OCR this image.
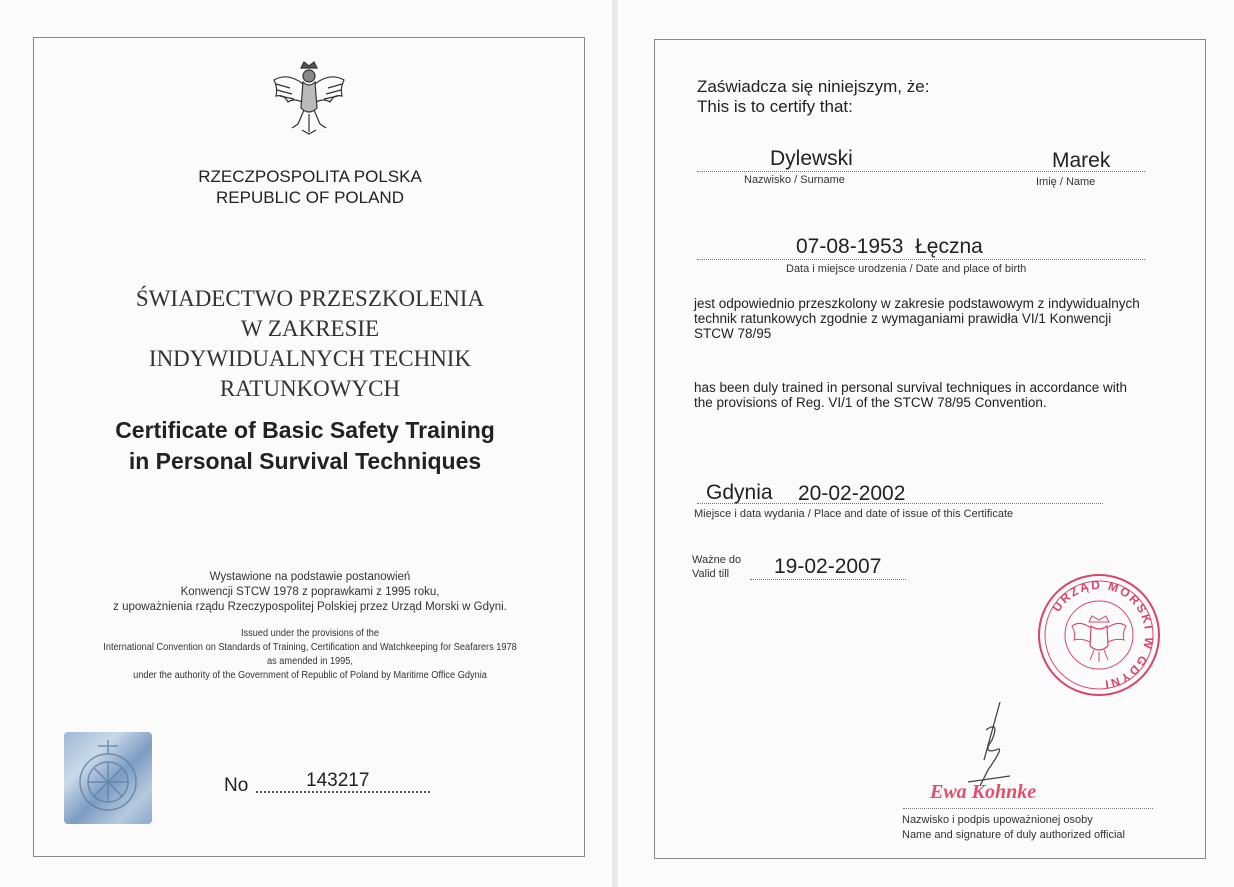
RZECZPOSPOLITA POLSKA
REPUBLIC OF POLAND
ŚWIADECTWO PRZESZKOLENIA
W ZAKRESIE
INDYWIDUALNYCH TECHNIK
RATUNKOWYCH
Certificate of Basic Safety Training
in Personal Survival Techniques
Wystawione na podstawie postanowień
Konwencji STCW 1978 z poprawkami z 1995 roku,
z upoważnienia rządu Rzeczypospolitej Polskiej przez Urząd Morski w Gdyni.
Issued under the provisions of the
International Convention on Standards of Training, Certification and Watchkeeping for Seafarers 1978
as amended in 1995,
under the authority of the Government of Republic of Poland by Maritime Office Gdynia
No	143217
Zaświadcza się niniejszym, że:
This is to certify that:
Dylewski
Nazwisko / Surname
Marek
Imię / Name
07-08-1953  Łęczna
Data i miejsce urodzenia / Date and place of birth
jest odpowiednio przeszkolony w zakresie podstawowym z indywidualnych
technik ratunkowych zgodnie z wymaganiami prawidła VI/1 Konwencji
STCW 78/95
has been duly trained in personal survival techniques in accordance with
the provisions of Reg. VI/1 of the STCW 78/95 Convention.
Gdynia 20-02-2002
Miejsce i data wydania / Place and date of issue of this Certificate
Ważne do
Valid till	19-02-2007
URZĄD MORSKI W GDYNI
Ewa Kohnke
Nazwisko i podpis upoważnionej osoby
Name and signature of duly authorized official
